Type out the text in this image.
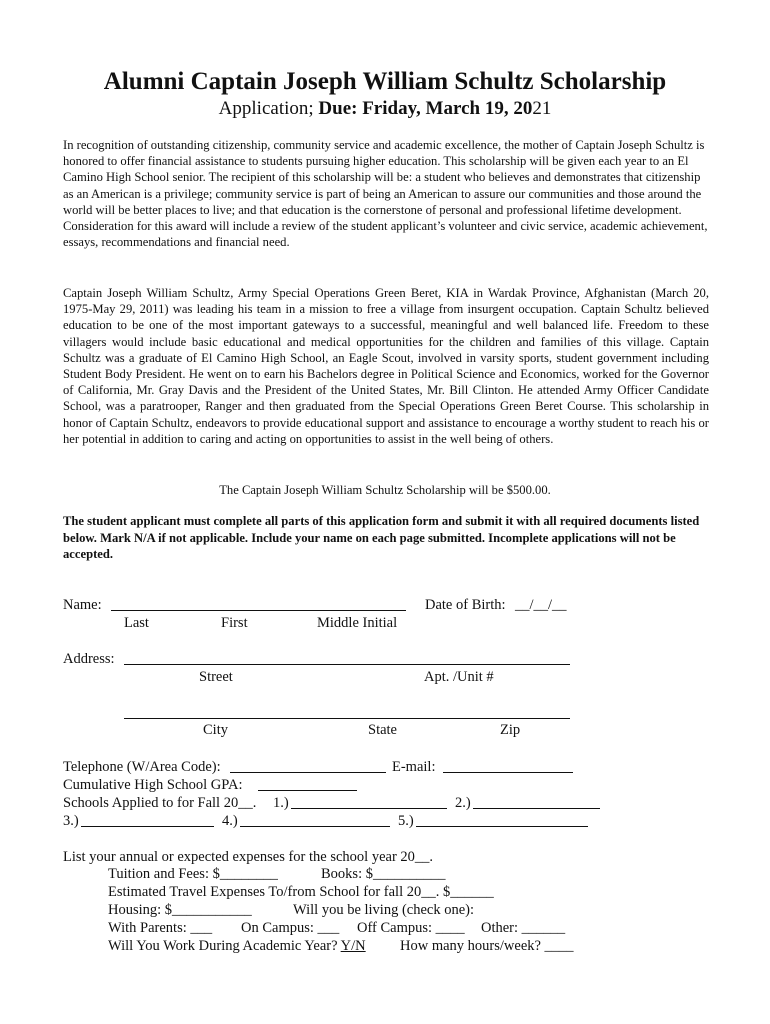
Alumni Captain Joseph William Schultz Scholarship
Application; Due: Friday, March 19, 2021

In recognition of outstanding citizenship, community service and academic excellence, the mother of Captain Joseph Schultz is honored to offer financial assistance to students pursuing higher education. This scholarship will be given each year to an El Camino High School senior. The recipient of this scholarship will be: a student who believes and demonstrates that citizenship as an American is a privilege; community service is part of being an American to assure our communities and those around the world will be better places to live; and that education is the cornerstone of personal and professional lifetime development. Consideration for this award will include a review of the student applicant’s volunteer and civic service, academic achievement, essays, recommendations and financial need.

Captain Joseph William Schultz, Army Special Operations Green Beret, KIA in Wardak Province, Afghanistan (March 20, 1975-May 29, 2011) was leading his team in a mission to free a village from insurgent occupation. Captain Schultz believed education to be one of the most important gateways to a successful, meaningful and well balanced life. Freedom to these villagers would include basic educational and medical opportunities for the children and families of this village. Captain Schultz was a graduate of El Camino High School, an Eagle Scout, involved in varsity sports, student government including Student Body President. He went on to earn his Bachelors degree in Political Science and Economics, worked for the Governor of California, Mr. Gray Davis and the President of the United States, Mr. Bill Clinton. He attended Army Officer Candidate School, was a paratrooper, Ranger and then graduated from the Special Operations Green Beret Course. This scholarship in honor of Captain Schultz, endeavors to provide educational support and assistance to encourage a worthy student to reach his or her potential in addition to caring and acting on opportunities to assist in the well being of others.

The Captain Joseph William Schultz Scholarship will be $500.00.

The student applicant must complete all parts of this application form and submit it with all required documents listed below. Mark N/A if not applicable. Include your name on each page submitted. Incomplete applications will not be accepted.

Name:	Date of Birth: __/__/__
Last	First	Middle Initial
Address:
Street	Apt. /Unit #
City	State	Zip
Telephone (W/Area Code):	E-mail:
Cumulative High School GPA:
Schools Applied to for Fall 20__. 1.)	2.)
3.)	4.)	5.)
List your annual or expected expenses for the school year 20__.
Tuition and Fees: $________	Books: $__________
Estimated Travel Expenses To/from School for fall 20__. $______
Housing: $___________	Will you be living (check one):
With Parents: ___ On Campus: ___ Off Campus: ____ Other: ______
Will You Work During Academic Year? Y/N How many hours/week? ____
